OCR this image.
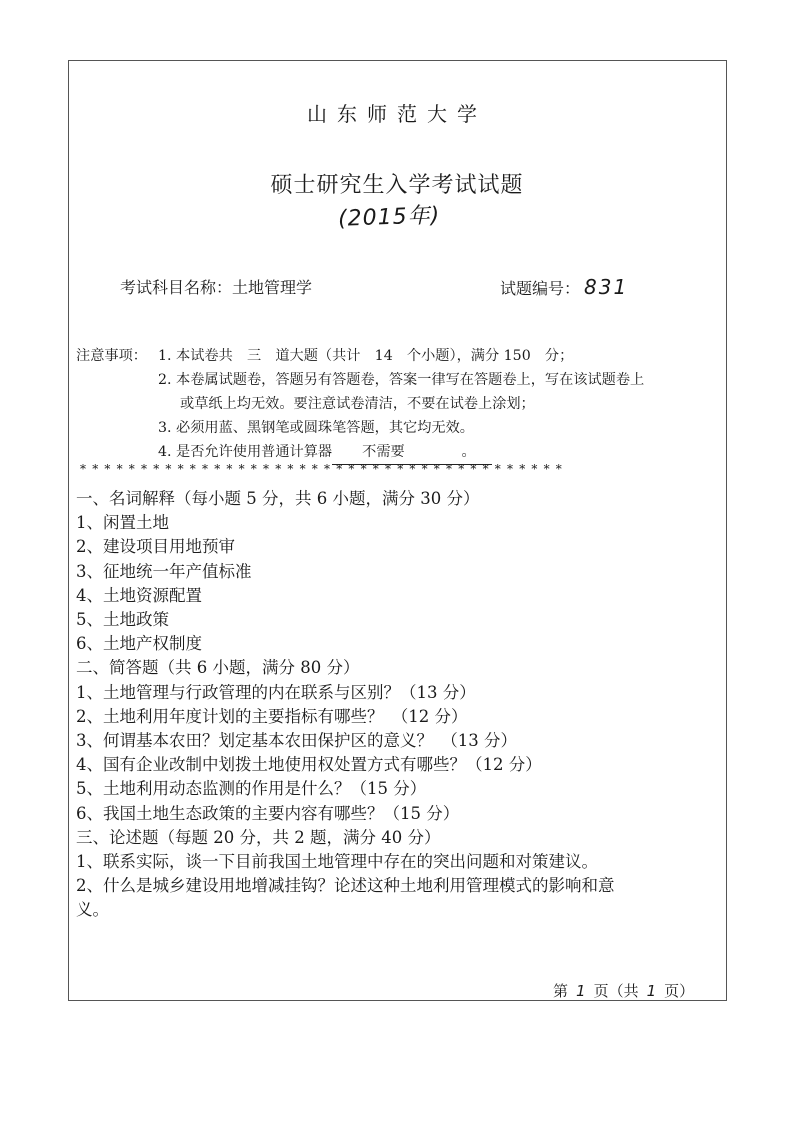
山东师范大学
硕士研究生入学考试试题
(2015年)
考试科目名称：土地管理学	试题编号： 831
注意事项： 1. 本试卷共　三　道大题（共计　14　个小题），满分 150　分；
2. 本卷属试题卷，答题另有答题卷，答案一律写在答题卷上，写在该试题卷上
或草纸上均无效。要注意试卷清洁，不要在试卷上涂划；
3. 必须用蓝、黑钢笔或圆珠笔答题，其它均无效。
4. 是否允许使用普通计算器 不需要　　　　。
****************************************
一、名词解释（每小题 5 分，共 6 小题，满分 30 分）
1、闲置土地
2、建设项目用地预审
3、征地统一年产值标准
4、土地资源配置
5、土地政策
6、土地产权制度
二、简答题（共 6 小题，满分 80 分）
1、土地管理与行政管理的内在联系与区别？（13 分）
2、土地利用年度计划的主要指标有哪些？　（12 分）
3、何谓基本农田？划定基本农田保护区的意义？　（13 分）
4、国有企业改制中划拨土地使用权处置方式有哪些？（12 分）
5、土地利用动态监测的作用是什么？（15 分）
6、我国土地生态政策的主要内容有哪些？（15 分）
三、论述题（每题 20 分，共 2 题，满分 40 分）
1、联系实际，谈一下目前我国土地管理中存在的突出问题和对策建议。
2、什么是城乡建设用地增减挂钩？论述这种土地利用管理模式的影响和意
义。
第 1 页（共 1 页）
